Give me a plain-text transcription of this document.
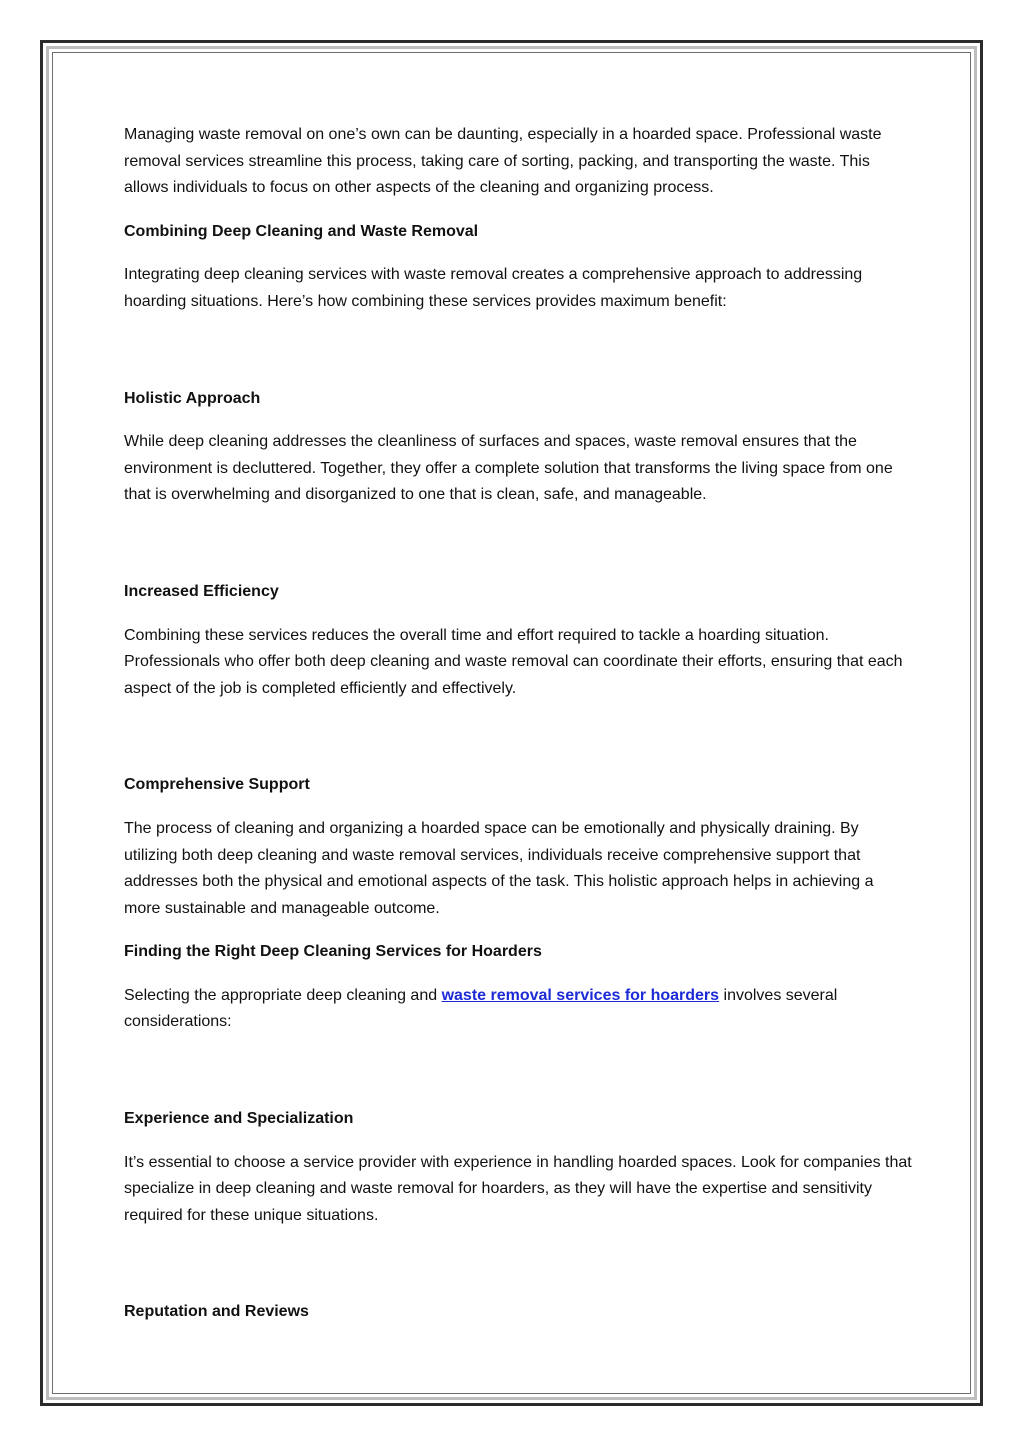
Managing waste removal on one’s own can be daunting, especially in a hoarded space. Professional waste removal services streamline this process, taking care of sorting, packing, and transporting the waste. This allows individuals to focus on other aspects of the cleaning and organizing process.

Combining Deep Cleaning and Waste Removal

Integrating deep cleaning services with waste removal creates a comprehensive approach to addressing hoarding situations. Here’s how combining these services provides maximum benefit:

Holistic Approach

While deep cleaning addresses the cleanliness of surfaces and spaces, waste removal ensures that the environment is decluttered. Together, they offer a complete solution that transforms the living space from one that is overwhelming and disorganized to one that is clean, safe, and manageable.

Increased Efficiency

Combining these services reduces the overall time and effort required to tackle a hoarding situation. Professionals who offer both deep cleaning and waste removal can coordinate their efforts, ensuring that each aspect of the job is completed efficiently and effectively.

Comprehensive Support

The process of cleaning and organizing a hoarded space can be emotionally and physically draining. By utilizing both deep cleaning and waste removal services, individuals receive comprehensive support that addresses both the physical and emotional aspects of the task. This holistic approach helps in achieving a more sustainable and manageable outcome.

Finding the Right Deep Cleaning Services for Hoarders

Selecting the appropriate deep cleaning and waste removal services for hoarders involves several considerations:

Experience and Specialization

It’s essential to choose a service provider with experience in handling hoarded spaces. Look for companies that specialize in deep cleaning and waste removal for hoarders, as they will have the expertise and sensitivity required for these unique situations.

Reputation and Reviews
